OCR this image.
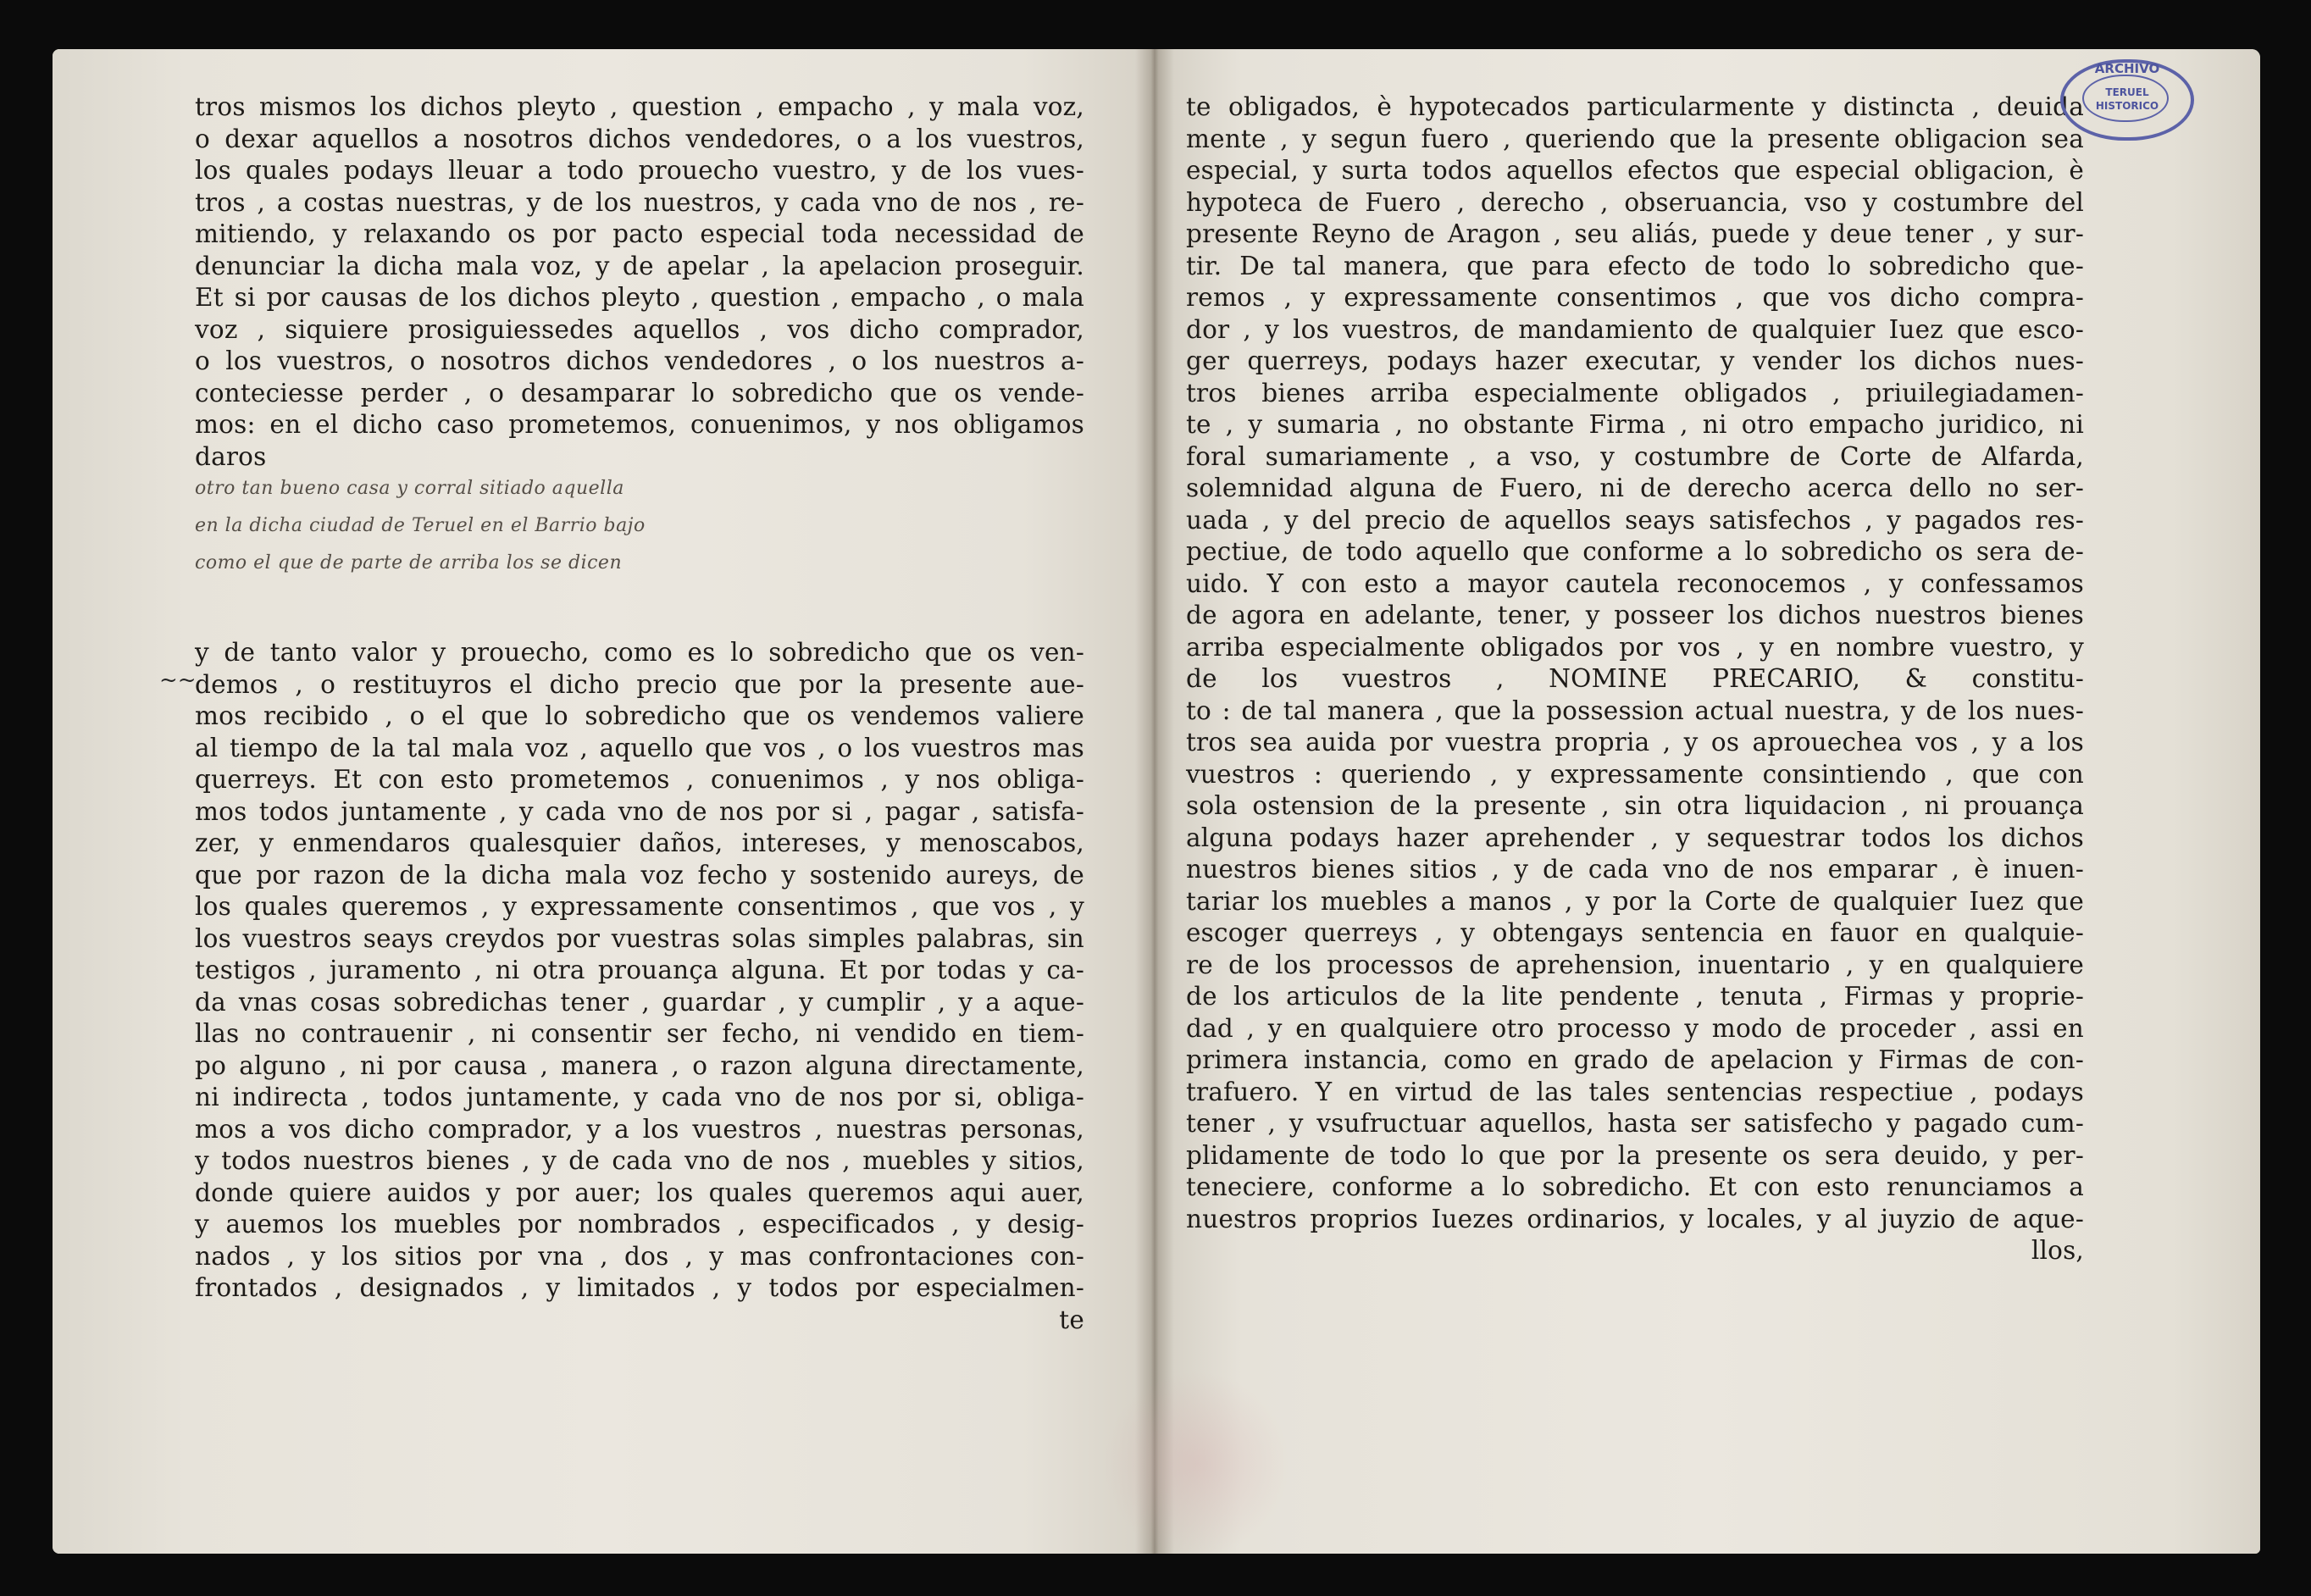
~~
tros mismos los dichos pleyto , question , empacho , y mala voz,
o dexar aquellos a nosotros dichos vendedores, o a los vuestros,
los quales podays lleuar a todo prouecho vuestro, y de los vues-
tros , a costas nuestras, y de los nuestros, y cada vno de nos , re-
mitiendo, y relaxando os por pacto especial toda necessidad de
denunciar la dicha mala voz, y de apelar , la apelacion proseguir.
Et si por causas de los dichos pleyto , question , empacho , o mala
voz , siquiere prosiguiessedes aquellos , vos dicho comprador,
o los vuestros, o nosotros dichos vendedores , o los nuestros a-
conteciesse perder , o desamparar lo sobredicho que os vende-
mos: en el dicho caso prometemos, conuenimos, y nos obligamos
daros
otro tan bueno casa y corral sitiado aquella
en la dicha ciudad de Teruel en el Barrio bajo
como el que de parte de arriba los se dicen
y de tanto valor y prouecho, como es lo sobredicho que os ven-
demos , o restituyros el dicho precio que por la presente aue-
mos recibido , o el que lo sobredicho que os vendemos valiere
al tiempo de la tal mala voz , aquello que vos , o los vuestros mas
querreys. Et con esto prometemos , conuenimos , y nos obliga-
mos todos juntamente , y cada vno de nos por si , pagar , satisfa-
zer, y enmendaros qualesquier daños, intereses, y menoscabos,
que por razon de la dicha mala voz fecho y sostenido aureys, de
los quales queremos , y expressamente consentimos , que vos , y
los vuestros seays creydos por vuestras solas simples palabras, sin
testigos , juramento , ni otra prouança alguna. Et por todas y ca-
da vnas cosas sobredichas tener , guardar , y cumplir , y a aque-
llas no contrauenir , ni consentir ser fecho, ni vendido en tiem-
po alguno , ni por causa , manera , o razon alguna directamente,
ni indirecta , todos juntamente, y cada vno de nos por si, obliga-
mos a vos dicho comprador, y a los vuestros , nuestras personas,
y todos nuestros bienes , y de cada vno de nos , muebles y sitios,
donde quiere auidos y por auer; los quales queremos aqui auer,
y auemos los muebles por nombrados , especificados , y desig-
nados , y los sitios por vna , dos , y mas confrontaciones con-
frontados , designados , y limitados , y todos por especialmen-
te
te obligados, è hypotecados particularmente y distincta , deuida
mente , y segun fuero , queriendo que la presente obligacion sea
especial, y surta todos aquellos efectos que especial obligacion, è
hypoteca de Fuero , derecho , obseruancia, vso y costumbre del
presente Reyno de Aragon , seu aliás, puede y deue tener , y sur-
tir. De tal manera, que para efecto de todo lo sobredicho que-
remos , y expressamente consentimos , que vos dicho compra-
dor , y los vuestros, de mandamiento de qualquier Iuez que esco-
ger querreys, podays hazer executar, y vender los dichos nues-
tros bienes arriba especialmente obligados , priuilegiadamen-
te , y sumaria , no obstante Firma , ni otro empacho juridico, ni
foral sumariamente , a vso, y costumbre de Corte de Alfarda,
solemnidad alguna de Fuero, ni de derecho acerca dello no ser-
uada , y del precio de aquellos seays satisfechos , y pagados res-
pectiue, de todo aquello que conforme a lo sobredicho os sera de-
uido. Y con esto a mayor cautela reconocemos , y confessamos
de agora en adelante, tener, y posseer los dichos nuestros bienes
arriba especialmente obligados por vos , y en nombre vuestro, y
de los vuestros , NOMINE PRECARIO, & constitu-
to : de tal manera , que la possession actual nuestra, y de los nues-
tros sea auida por vuestra propria , y os aprouechea vos , y a los
vuestros : queriendo , y expressamente consintiendo , que con
sola ostension de la presente , sin otra liquidacion , ni prouança
alguna podays hazer aprehender , y sequestrar todos los dichos
nuestros bienes sitios , y de cada vno de nos emparar , è inuen-
tariar los muebles a manos , y por la Corte de qualquier Iuez que
escoger querreys , y obtengays sentencia en fauor en qualquie-
re de los processos de aprehension, inuentario , y en qualquiere
de los articulos de la lite pendente , tenuta , Firmas y proprie-
dad , y en qualquiere otro processo y modo de proceder , assi en
primera instancia, como en grado de apelacion y Firmas de con-
trafuero. Y en virtud de las tales sentencias respectiue , podays
tener , y vsufructuar aquellos, hasta ser satisfecho y pagado cum-
plidamente de todo lo que por la presente os sera deuido, y per-
teneciere, conforme a lo sobredicho. Et con esto renunciamos a
nuestros proprios Iuezes ordinarios, y locales, y al juyzio de aque-
llos,
ARCHIVO
TERUEL
HISTORICO
